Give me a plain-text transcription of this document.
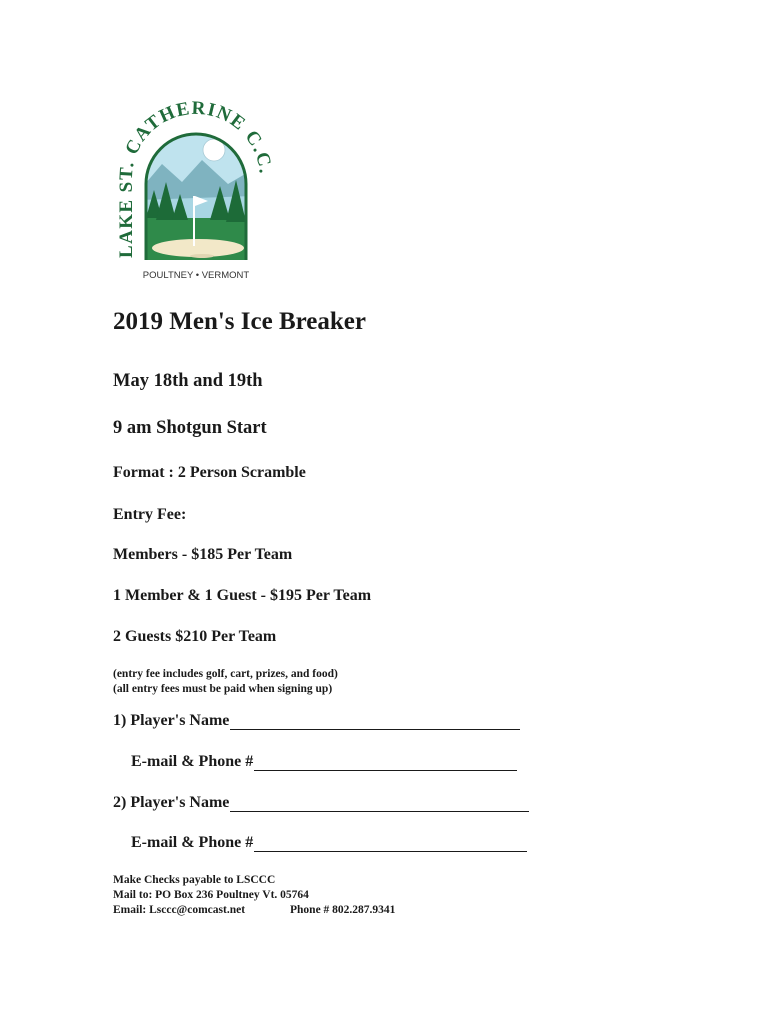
LAKE ST. CATHERINE C.C.
POULTNEY • VERMONT
2019 Men's Ice Breaker
May 18th and 19th
9 am Shotgun Start
Format : 2 Person Scramble
Entry Fee:
Members - $185 Per Team
1 Member & 1 Guest - $195 Per Team
2 Guests $210 Per Team
(entry fee includes golf, cart, prizes, and food)
(all entry fees must be paid when signing up)
1) Player's Name
E-mail & Phone #
2) Player's Name
E-mail & Phone #
Make Checks payable to LSCCC
Mail to: PO Box 236 Poultney Vt. 05764
Email: Lsccc@comcast.net	Phone # 802.287.9341
